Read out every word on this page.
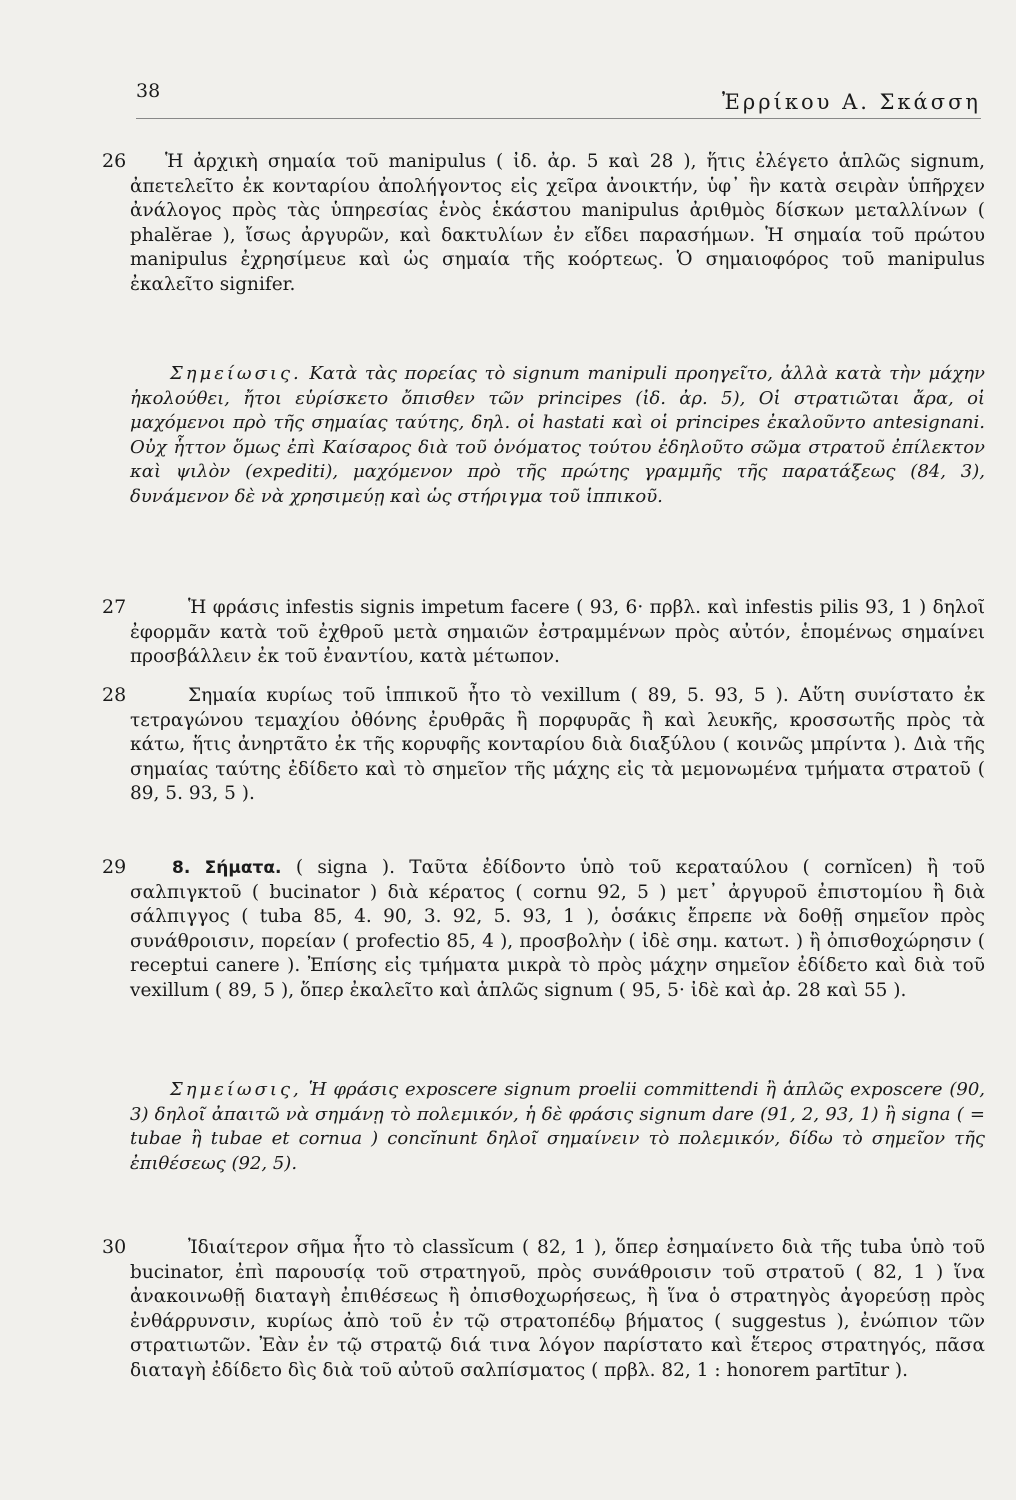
38	Ἐρρίκου Α. Σκάσση
26	Ἡ ἀρχικὴ σημαία τοῦ manipulus ( ἰδ. ἀρ. 5 καὶ 28 ), ἥτις ἐλέγετο ἁπλῶς signum, ἀπετελεῖτο ἐκ κονταρίου ἀπολήγοντος εἰς χεῖρα ἀνοικτήν, ὑφ᾽ ἣν κατὰ σειρὰν ὑπῆρχεν ἀνάλογος πρὸς τὰς ὑπηρεσίας ἑνὸς ἑκάστου manipulus ἀριθμὸς δίσκων μεταλλίνων ( phalĕrae ), ἴσως ἀργυρῶν, καὶ δακτυλίων ἐν εἴδει παρασήμων. Ἡ σημαία τοῦ πρώτου manipulus ἐχρησίμευε καὶ ὡς σημαία τῆς κοόρτεως. Ὁ σημαιοφόρος τοῦ manipulus ἐκαλεῖτο signifer.

Σημείωσις. Κατὰ τὰς πορείας τὸ signum manipuli προηγεῖτο, ἀλλὰ κατὰ τὴν μάχην ἠκολούθει, ἤτοι εὑρίσκετο ὄπισθεν τῶν principes (ἰδ. ἀρ. 5), Οἱ στρατιῶται ἄρα, οἱ μαχόμενοι πρὸ τῆς σημαίας ταύτης, δηλ. οἱ hastati καὶ οἱ principes ἐκαλοῦντο antesignani. Οὐχ ἧττον ὅμως ἐπὶ Καίσαρος διὰ τοῦ ὀνόματος τούτου ἐδηλοῦτο σῶμα στρατοῦ ἐπίλεκτον καὶ ψιλὸν (expediti), μαχόμενον πρὸ τῆς πρώτης γραμμῆς τῆς παρατάξεως (84, 3), δυνάμενον δὲ νὰ χρησιμεύῃ καὶ ὡς στήριγμα τοῦ ἱππικοῦ.
27	Ἡ φράσις infestis signis impetum facere ( 93, 6· πρβλ. καὶ infestis pilis 93, 1 ) δηλοῖ ἐφορμᾶν κατὰ τοῦ ἐχθροῦ μετὰ σημαιῶν ἐστραμμένων πρὸς αὐτόν, ἑπομένως σημαίνει προσβάλλειν ἐκ τοῦ ἐναντίου, κατὰ μέτωπον.

28	Σημαία κυρίως τοῦ ἱππικοῦ ἦτο τὸ vexillum ( 89, 5. 93, 5 ). Αὕτη συνίστατο ἐκ τετραγώνου τεμαχίου ὀθόνης ἐρυθρᾶς ἢ πορφυρᾶς ἢ καὶ λευκῆς, κροσσωτῆς πρὸς τὰ κάτω, ἥτις ἀνηρτᾶτο ἐκ τῆς κορυφῆς κονταρίου διὰ διαξύλου ( κοινῶς μπρίντα ). Διὰ τῆς σημαίας ταύτης ἐδίδετο καὶ τὸ σημεῖον τῆς μάχης εἰς τὰ μεμονωμένα τμήματα στρατοῦ ( 89, 5. 93, 5 ).

29	8. Σήματα. ( signa ). Ταῦτα ἐδίδοντο ὑπὸ τοῦ κεραταύλου ( cornĭcen) ἢ τοῦ σαλπιγκτοῦ ( bucinator ) διὰ κέρατος ( cornu 92, 5 ) μετ᾽ ἀργυροῦ ἐπιστομίου ἢ διὰ σάλπιγγος ( tuba 85, 4. 90, 3. 92, 5. 93, 1 ), ὁσάκις ἔπρεπε νὰ δοθῇ σημεῖον πρὸς συνάθροισιν, πορείαν ( profectio 85, 4 ), προσβολὴν ( ἰδὲ σημ. κατωτ. ) ἢ ὀπισθοχώρησιν ( receptui canere ). Ἐπίσης εἰς τμήματα μικρὰ τὸ πρὸς μάχην σημεῖον ἐδίδετο καὶ διὰ τοῦ vexillum ( 89, 5 ), ὅπερ ἐκαλεῖτο καὶ ἁπλῶς signum ( 95, 5· ἰδὲ καὶ ἀρ. 28 καὶ 55 ).

Σημείωσις, Ἡ φράσις exposcere signum proelii committendi ἢ ἁπλῶς exposcere (90, 3) δηλοῖ ἀπαιτῶ νὰ σημάνῃ τὸ πολεμικόν, ἡ δὲ φράσις signum dare (91, 2, 93, 1) ἢ signa ( = tubae ἢ tubae et cornua ) concĭnunt δηλοῖ σημαίνειν τὸ πολεμικόν, δίδω τὸ σημεῖον τῆς ἐπιθέσεως (92, 5).
30	Ἰδιαίτερον σῆμα ἦτο τὸ classĭcum ( 82, 1 ), ὅπερ ἐσημαίνετο διὰ τῆς tuba ὑπὸ τοῦ bucinator, ἐπὶ παρουσίᾳ τοῦ στρατηγοῦ, πρὸς συνάθροισιν τοῦ στρατοῦ ( 82, 1 ) ἵνα ἀνακοινωθῇ διαταγὴ ἐπιθέσεως ἢ ὀπισθοχωρήσεως, ἢ ἵνα ὁ στρατηγὸς ἀγορεύσῃ πρὸς ἐνθάρρυνσιν, κυρίως ἀπὸ τοῦ ἐν τῷ στρατοπέδῳ βήματος ( suggestus ), ἐνώπιον τῶν στρατιωτῶν. Ἐὰν ἐν τῷ στρατῷ διά τινα λόγον παρίστατο καὶ ἕτερος στρατηγός, πᾶσα διαταγὴ ἐδίδετο δὶς διὰ τοῦ αὐτοῦ σαλπίσματος ( πρβλ. 82, 1 : honorem partītur ).
